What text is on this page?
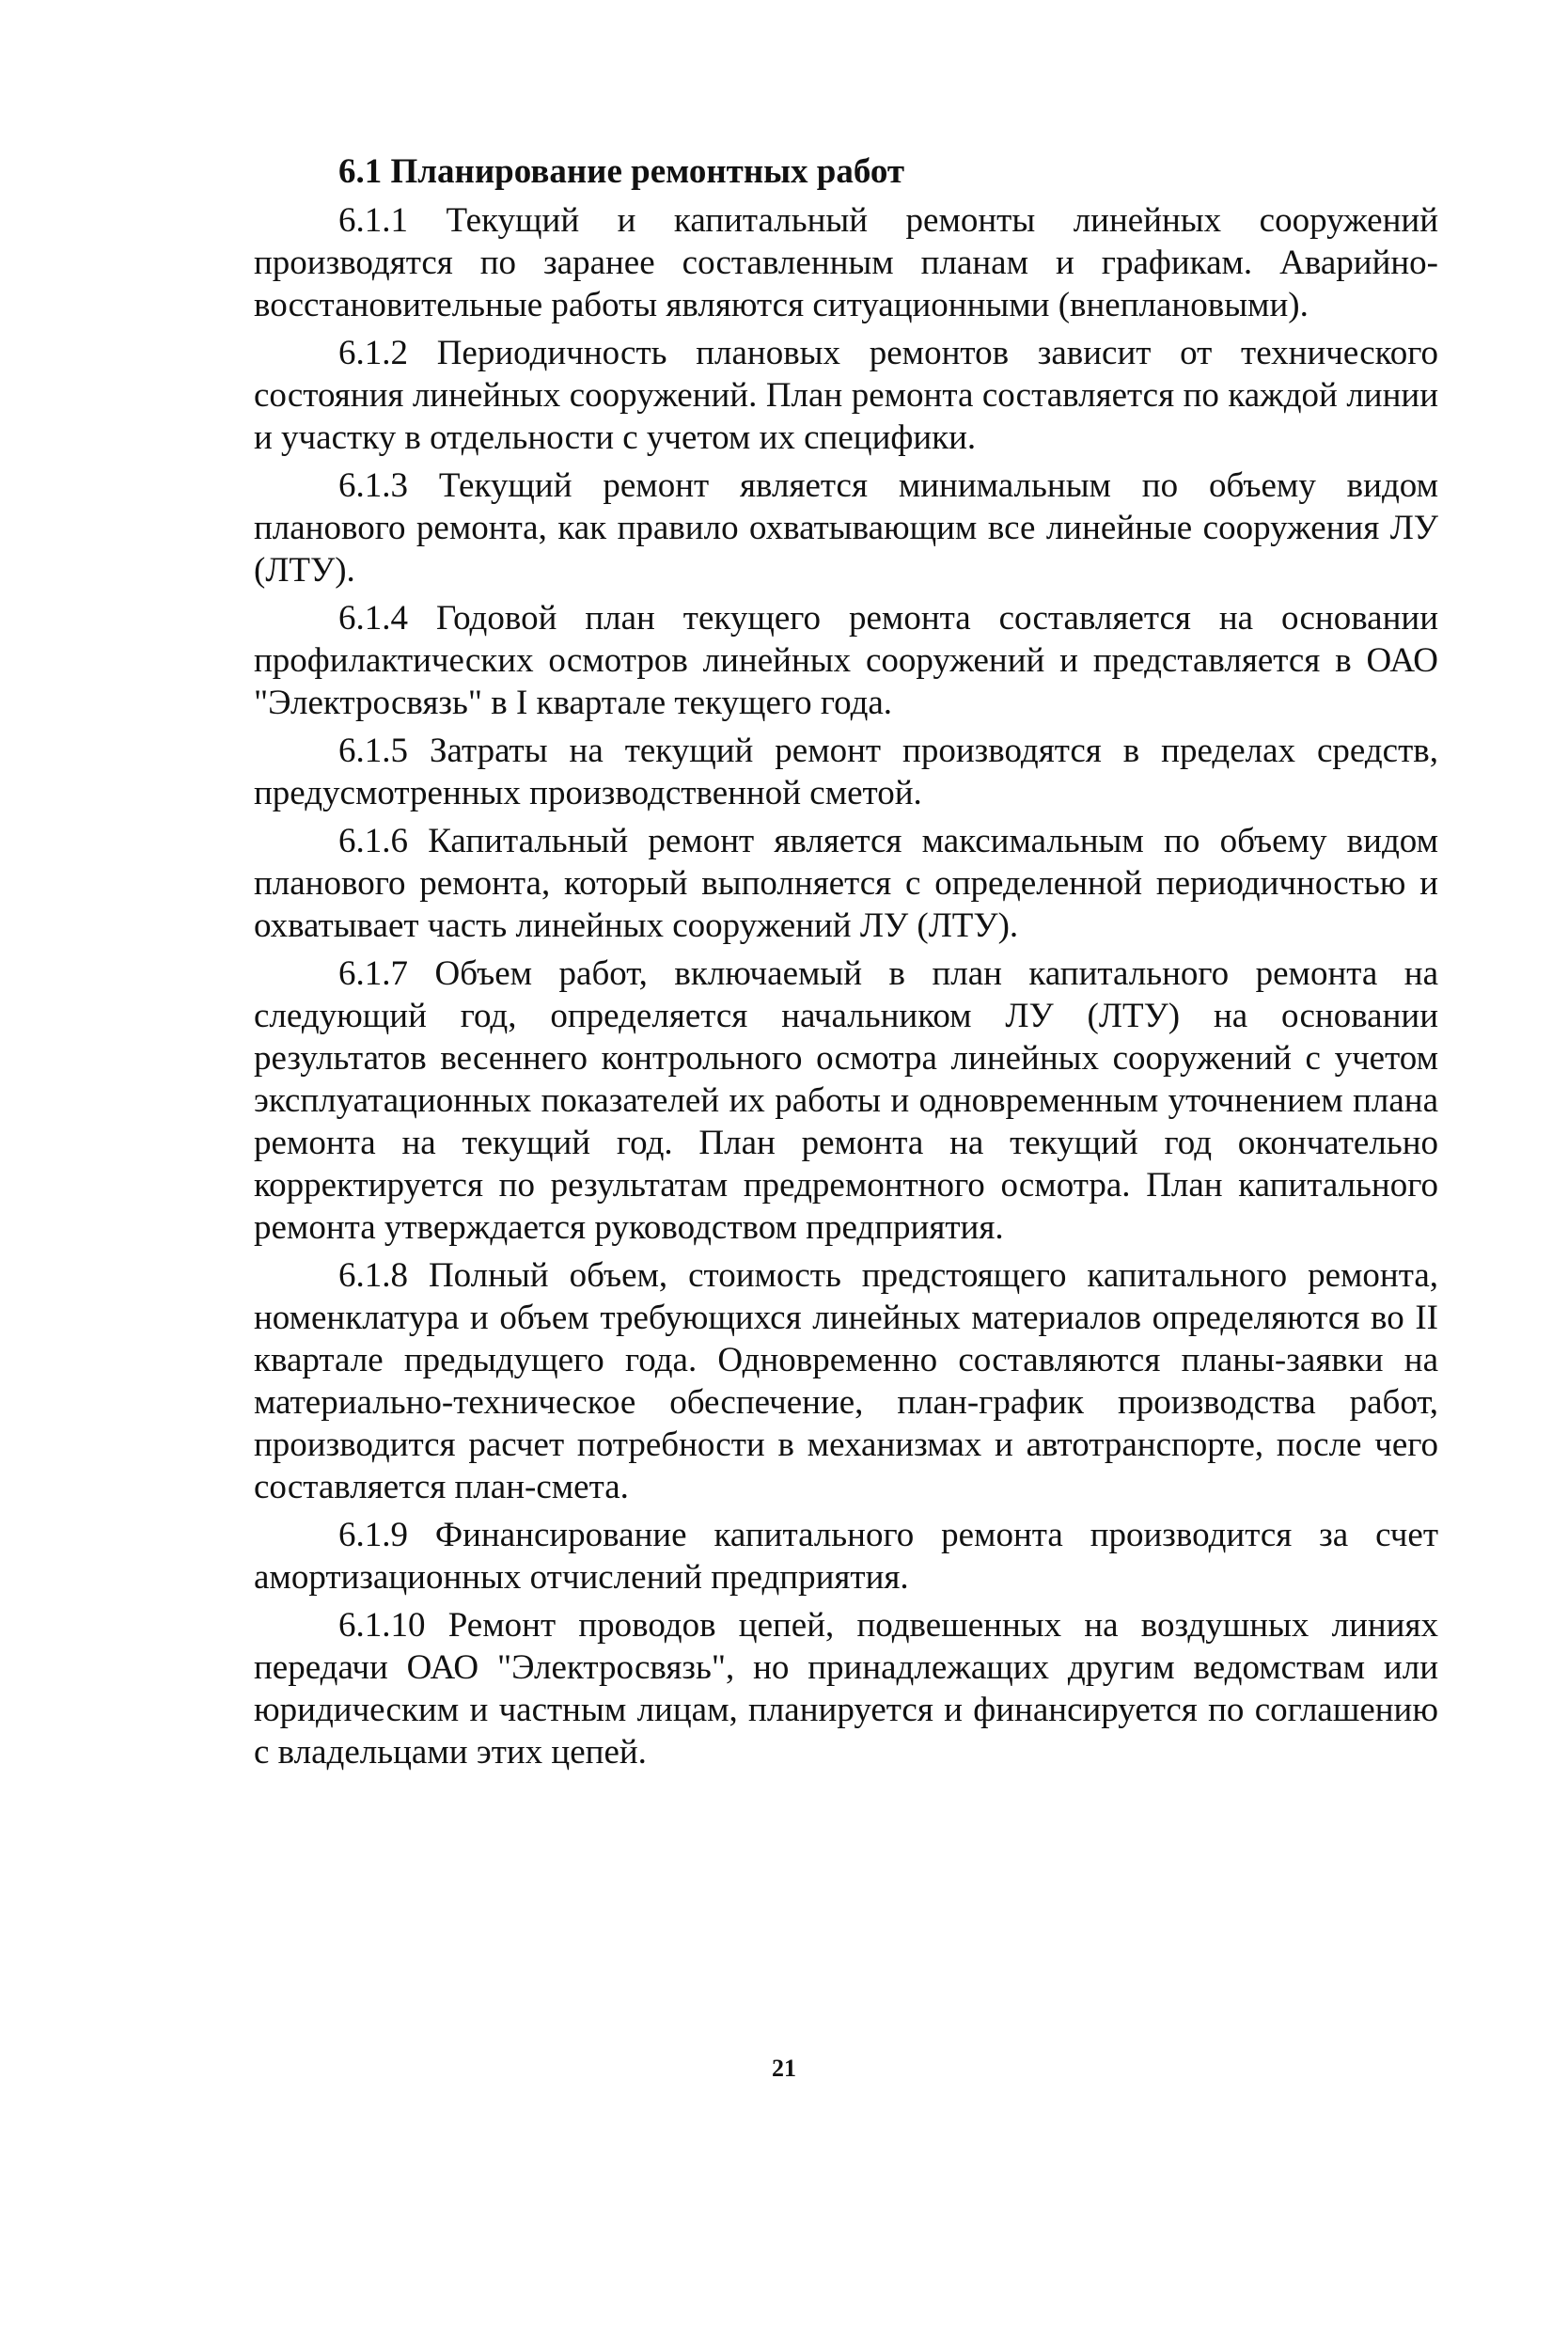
6.1 Планирование ремонтных работ

6.1.1 Текущий и капитальный ремонты линейных сооружений производятся по заранее составленным планам и графикам. Аварийно-восстановительные работы являются ситуационными (внеплановыми).

6.1.2 Периодичность плановых ремонтов зависит от технического состояния линейных сооружений. План ремонта составляется по каждой линии и участку в отдельности с учетом их специфики.

6.1.3 Текущий ремонт является минимальным по объему видом планового ремонта, как правило охватывающим все линейные сооружения ЛУ (ЛТУ).

6.1.4 Годовой план текущего ремонта составляется на основании профилактических осмотров линейных сооружений и представляется в ОАО "Электросвязь" в I квартале текущего года.

6.1.5 Затраты на текущий ремонт производятся в пределах средств, предусмотренных производственной сметой.

6.1.6 Капитальный ремонт является максимальным по объему видом планового ремонта, который выполняется с определенной периодичностью и охватывает часть линейных сооружений ЛУ (ЛТУ).

6.1.7 Объем работ, включаемый в план капитального ремонта на следующий год, определяется начальником ЛУ (ЛТУ) на основании результатов весеннего контрольного осмотра линейных сооружений с учетом эксплуатационных показателей их работы и одновременным уточнением плана ремонта на текущий год. План ремонта на текущий год окончательно корректируется по результатам предремонтного осмотра. План капитального ремонта утверждается руководством предприятия.

6.1.8 Полный объем, стоимость предстоящего капитального ремонта, номенклатура и объем требующихся линейных материалов определяются во II квартале предыдущего года. Одновременно составляются планы-заявки на материально-техническое обеспечение, план-график производства работ, производится расчет потребности в механизмах и автотранспорте, после чего составляется план-смета.

6.1.9 Финансирование капитального ремонта производится за счет амортизационных отчислений предприятия.

6.1.10 Ремонт проводов цепей, подвешенных на воздушных линиях передачи ОАО "Электросвязь", но принадлежащих другим ведомствам или юридическим и частным лицам, планируется и финансируется по соглашению с владельцами этих цепей.

21
